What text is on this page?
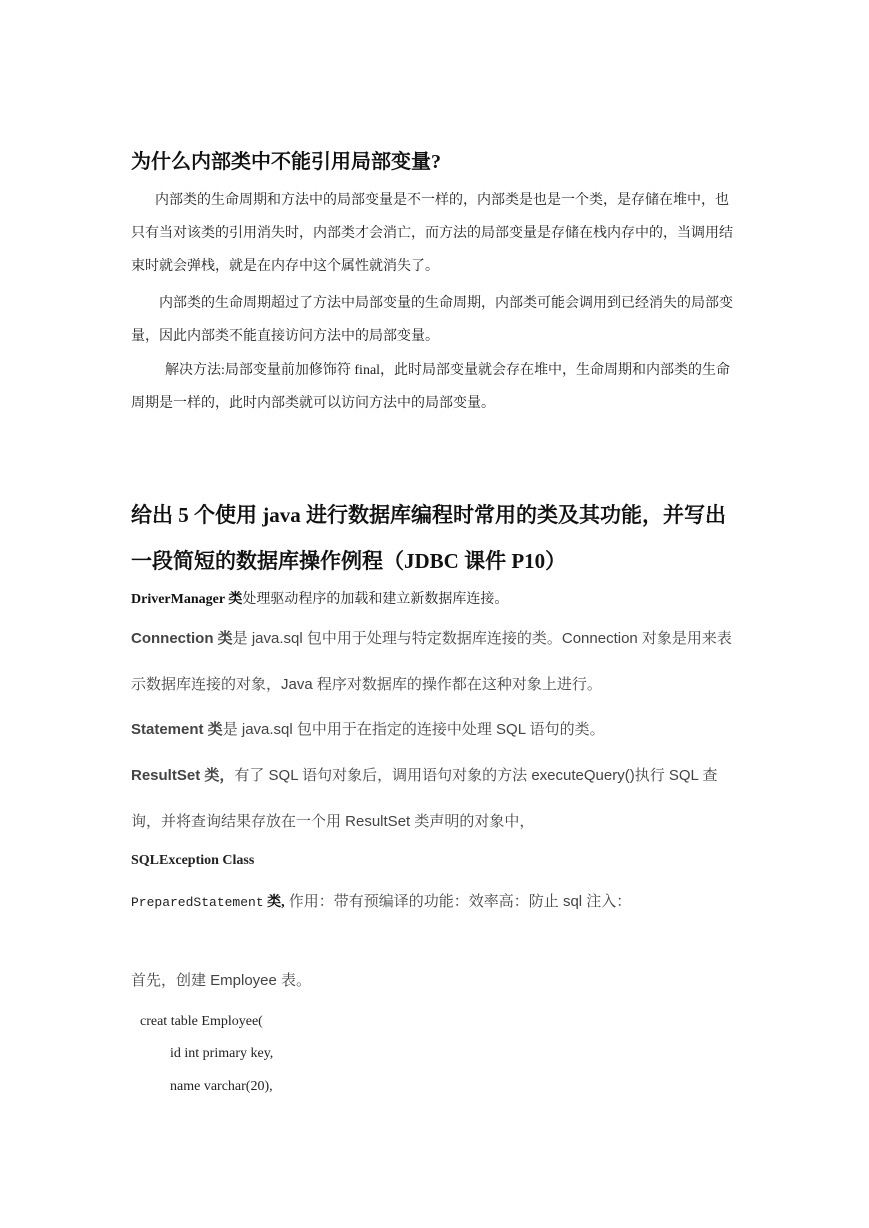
为什么内部类中不能引用局部变量?

内部类的生命周期和方法中的局部变量是不一样的，内部类是也是一个类，是存储在堆中，也只有当对该类的引用消失时，内部类才会消亡，而方法的局部变量是存储在栈内存中的，当调用结束时就会弹栈，就是在内存中这个属性就消失了。

内部类的生命周期超过了方法中局部变量的生命周期，内部类可能会调用到已经消失的局部变量，因此内部类不能直接访问方法中的局部变量。

解决方法:局部变量前加修饰符 final，此时局部变量就会存在堆中，生命周期和内部类的生命周期是一样的，此时内部类就可以访问方法中的局部变量。

给出 5 个使用 java 进行数据库编程时常用的类及其功能，并写出一段简短的数据库操作例程（JDBC 课件 P10）
DriverManager 类处理驱动程序的加载和建立新数据库连接。
Connection 类是 java.sql 包中用于处理与特定数据库连接的类。Connection 对象是用来表示数据库连接的对象，Java 程序对数据库的操作都在这种对象上进行。
Statement 类是 java.sql 包中用于在指定的连接中处理 SQL 语句的类。
ResultSet 类，有了 SQL 语句对象后，调用语句对象的方法 executeQuery()执行 SQL 查询，并将查询结果存放在一个用 ResultSet 类声明的对象中，
SQLException Class
PreparedStatement 类, 作用：带有预编译的功能：效率高：防止 sql 注入：
首先，创建 Employee 表。
creat table Employee(
id int primary key,
name varchar(20),
